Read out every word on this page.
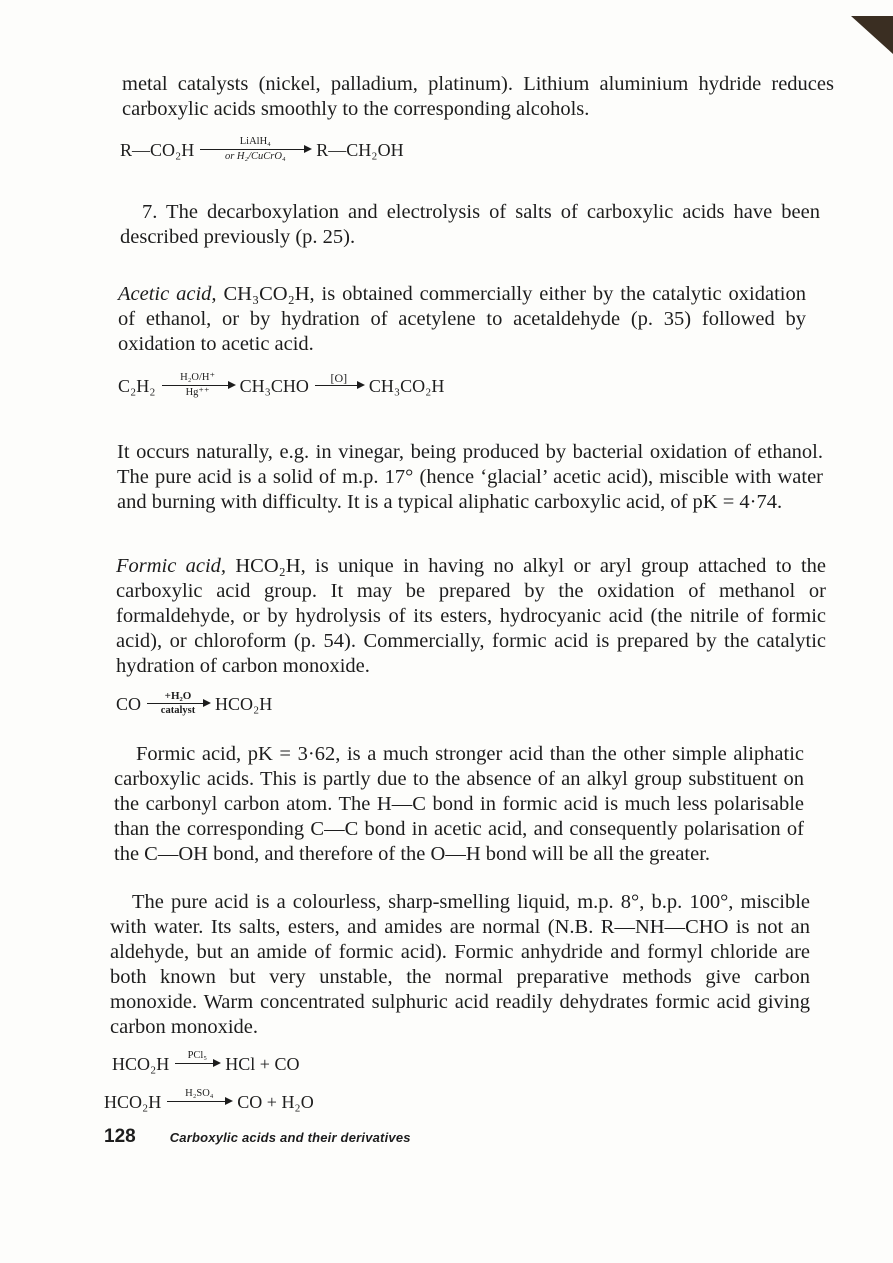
metal catalysts (nickel, palladium, platinum). Lithium aluminium hydride reduces carboxylic acids smoothly to the corresponding alcohols.

R—CO₂H	LiAlH₄
or H₂/CuCrO₄ R—CH₂OH

7. The decarboxylation and electrolysis of salts of carboxylic acids have been described previously (p. 25).

Acetic acid, CH₃CO₂H, is obtained commercially either by the catalytic oxidation of ethanol, or by hydration of acetylene to acetaldehyde (p. 35) followed by oxidation to acetic acid.

C₂H₂ H₂O/H⁺
Hg⁺⁺ CH₃CHO [O] CH₃CO₂H

It occurs naturally, e.g. in vinegar, being produced by bacterial oxidation of ethanol. The pure acid is a solid of m.p. 17° (hence ‘glacial’ acetic acid), miscible with water and burning with difficulty. It is a typical aliphatic carboxylic acid, of pK = 4·74.

Formic acid, HCO₂H, is unique in having no alkyl or aryl group attached to the carboxylic acid group. It may be prepared by the oxidation of methanol or formaldehyde, or by hydrolysis of its esters, hydrocyanic acid (the nitrile of formic acid), or chloroform (p. 54). Commercially, formic acid is prepared by the catalytic hydration of carbon monoxide.

CO +H₂O
catalyst HCO₂H

Formic acid, pK = 3·62, is a much stronger acid than the other simple aliphatic carboxylic acids. This is partly due to the absence of an alkyl group substituent on the carbonyl carbon atom. The H—C bond in formic acid is much less polarisable than the corresponding C—C bond in acetic acid, and consequently polarisation of the C—OH bond, and therefore of the O—H bond will be all the greater.

The pure acid is a colourless, sharp-smelling liquid, m.p. 8°, b.p. 100°, miscible with water. Its salts, esters, and amides are normal (N.B. R—NH—CHO is not an aldehyde, but an amide of formic acid). Formic anhydride and formyl chloride are both known but very unstable, the normal preparative methods give carbon monoxide. Warm concentrated sulphuric acid readily dehydrates formic acid giving carbon monoxide.

HCO₂H PCl₅ HCl + CO
HCO₂H H₂SO₄ CO + H₂O
128	Carboxylic acids and their derivatives
